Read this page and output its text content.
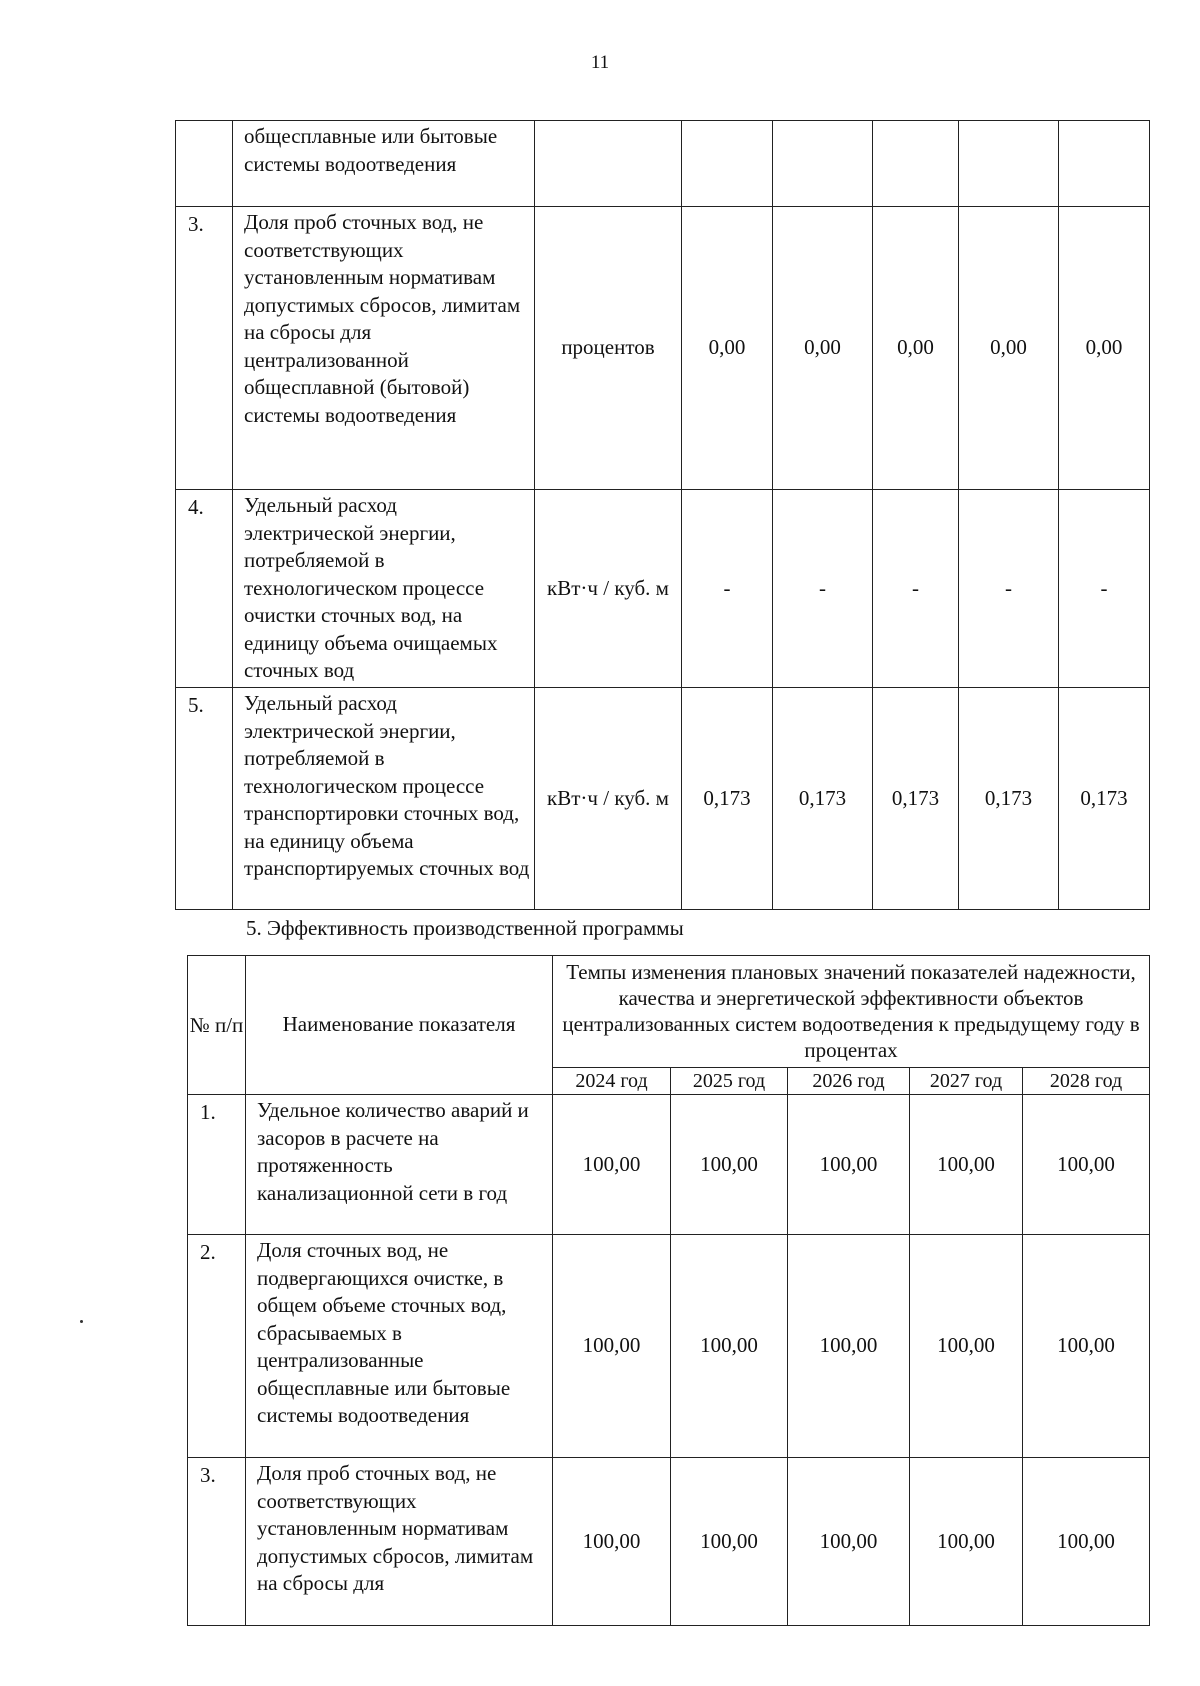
11
	общесплавные или бытовые системы водоотведения						
3.	Доля проб сточных вод, не соответствующих установленным нормативам допустимых сбросов, лимитам на сбросы для централизованной общесплавной (бытовой) системы водоотведения	процентов	0,00	0,00	0,00	0,00	0,00
4.	Удельный расход электрической энергии, потребляемой в технологическом процессе очистки сточных вод, на единицу объема очищаемых сточных вод	кВт·ч / куб. м	-	-	-	-	-
5.	Удельный расход электрической энергии, потребляемой в технологическом процессе транспортировки сточных вод, на единицу объема транспортируемых сточных вод	кВт·ч / куб. м	0,173	0,173	0,173	0,173	0,173
5. Эффективность производственной программы
№ п/п	Наименование показателя	Темпы изменения плановых значений показателей надежности, качества и энергетической эффективности объектов централизованных систем водоотведения к предыдущему году в процентах				
		2024 год	2025 год	2026 год	2027 год	2028 год
1.	Удельное количество аварий и засоров в расчете на протяженность канализационной сети в год	100,00	100,00	100,00	100,00	100,00
2.	Доля сточных вод, не подвергающихся очистке, в общем объеме сточных вод, сбрасываемых в централизованные общесплавные или бытовые системы водоотведения	100,00	100,00	100,00	100,00	100,00
3.	Доля проб сточных вод, не соответствующих установленным нормативам допустимых сбросов, лимитам на сбросы для	100,00	100,00	100,00	100,00	100,00
